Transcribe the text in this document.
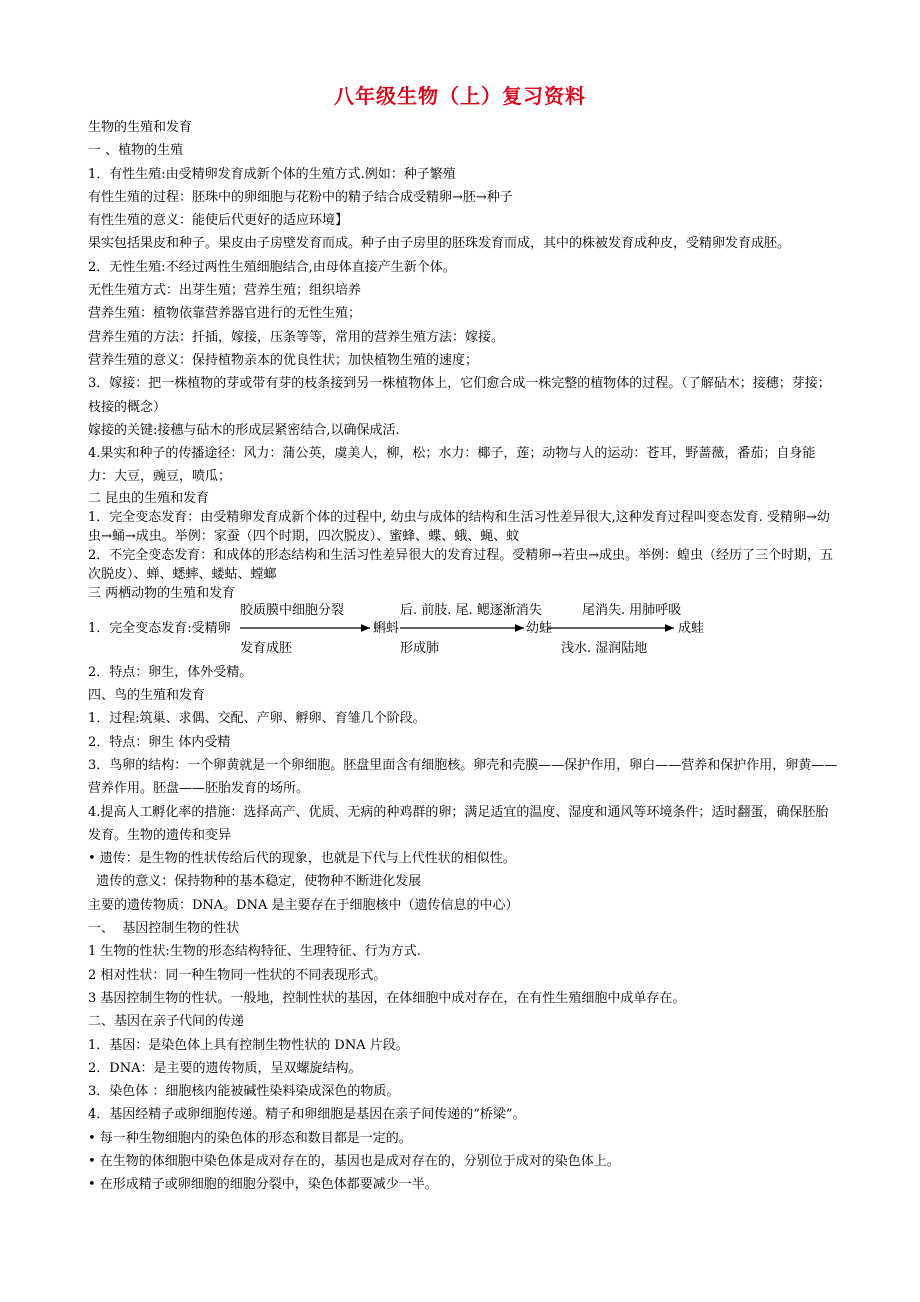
八年级生物（上）复习资料
生物的生殖和发育
一 、植物的生殖
1．有性生殖:由受精卵发育成新个体的生殖方式.例如：种子繁殖
有性生殖的过程：胚珠中的卵细胞与花粉中的精子结合成受精卵→胚→种子
有性生殖的意义：能使后代更好的适应环境】
果实包括果皮和种子。果皮由子房壁发育而成。种子由子房里的胚珠发育而成，其中的株被发育成种皮，受精卵发育成胚。
2．无性生殖:不经过两性生殖细胞结合,由母体直接产生新个体。
无性生殖方式：出芽生殖；营养生殖；组织培养
营养生殖：植物依靠营养器官进行的无性生殖；
营养生殖的方法：扦插，嫁接，压条等等，常用的营养生殖方法：嫁接。
营养生殖的意义：保持植物亲本的优良性状；加快植物生殖的速度；
3．嫁接：把一株植物的芽或带有芽的枝条接到另一株植物体上，它们愈合成一株完整的植物体的过程。（了解砧木；接穗；芽接；枝接的概念）
嫁接的关键:接穗与砧木的形成层紧密结合,以确保成活.
4.果实和种子的传播途径：风力：蒲公英，虞美人，柳，松；水力：椰子，莲；动物与人的运动：苍耳，野蔷薇，番茄；自身能力：大豆，豌豆，喷瓜；
二 昆虫的生殖和发育
1．完全变态发育：由受精卵发育成新个体的过程中, 幼虫与成体的结构和生活习性差异很大,这种发育过程叫变态发育. 受精卵→幼虫→蛹→成虫。举例：家蚕（四个时期，四次脱皮）、蜜蜂、蝶、蛾、蝇、蚊
2．不完全变态发育：和成体的形态结构和生活习性差异很大的发育过程。受精卵→若虫→成虫。举例：蝗虫（经历了三个时期，五次脱皮）、蝉、蟋蟀、蝼蛄、螳螂
三 两栖动物的生殖和发育
胶质膜中细胞分裂	后. 前肢. 尾. 鳃逐渐消失	尾消失. 用肺呼吸
1．完全变态发育:受精卵	蝌蚪	幼蛙	成蛙
发育成胚	形成肺	浅水. 湿润陆地
2．特点：卵生，体外受精。
四、鸟的生殖和发育
1．过程:筑巢、求偶、交配、产卵、孵卵、育雏几个阶段。
2．特点：卵生 体内受精
3．鸟卵的结构：一个卵黄就是一个卵细胞。胚盘里面含有细胞核。卵壳和壳膜——保护作用，卵白——营养和保护作用，卵黄——营养作用。胚盘——胚胎发育的场所。
4.提高人工孵化率的措施：选择高产、优质、无病的种鸡群的卵；满足适宜的温度、湿度和通风等环境条件；适时翻蛋，确保胚胎发育。生物的遗传和变异
• 遗传：是生物的性状传给后代的现象，也就是下代与上代性状的相似性。
遗传的意义：保持物种的基本稳定，使物种不断进化发展
主要的遗传物质：DNA。DNA 是主要存在于细胞核中（遗传信息的中心）
一、  基因控制生物的性状
1 生物的性状:生物的形态结构特征、生理特征、行为方式.
2 相对性状：同一种生物同一性状的不同表现形式。
3 基因控制生物的性状。一般地，控制性状的基因，在体细胞中成对存在，在有性生殖细胞中成单存在。
二、基因在亲子代间的传递
1．基因：是染色体上具有控制生物性状的 DNA 片段。
2．DNA：是主要的遗传物质，呈双螺旋结构。
3．染色体 ：细胞核内能被碱性染料染成深色的物质。
4．基因经精子或卵细胞传递。精子和卵细胞是基因在亲子间传递的“桥梁”。
• 每一种生物细胞内的染色体的形态和数目都是一定的。
• 在生物的体细胞中染色体是成对存在的，基因也是成对存在的，分别位于成对的染色体上。
• 在形成精子或卵细胞的细胞分裂中，染色体都要减少一半。
